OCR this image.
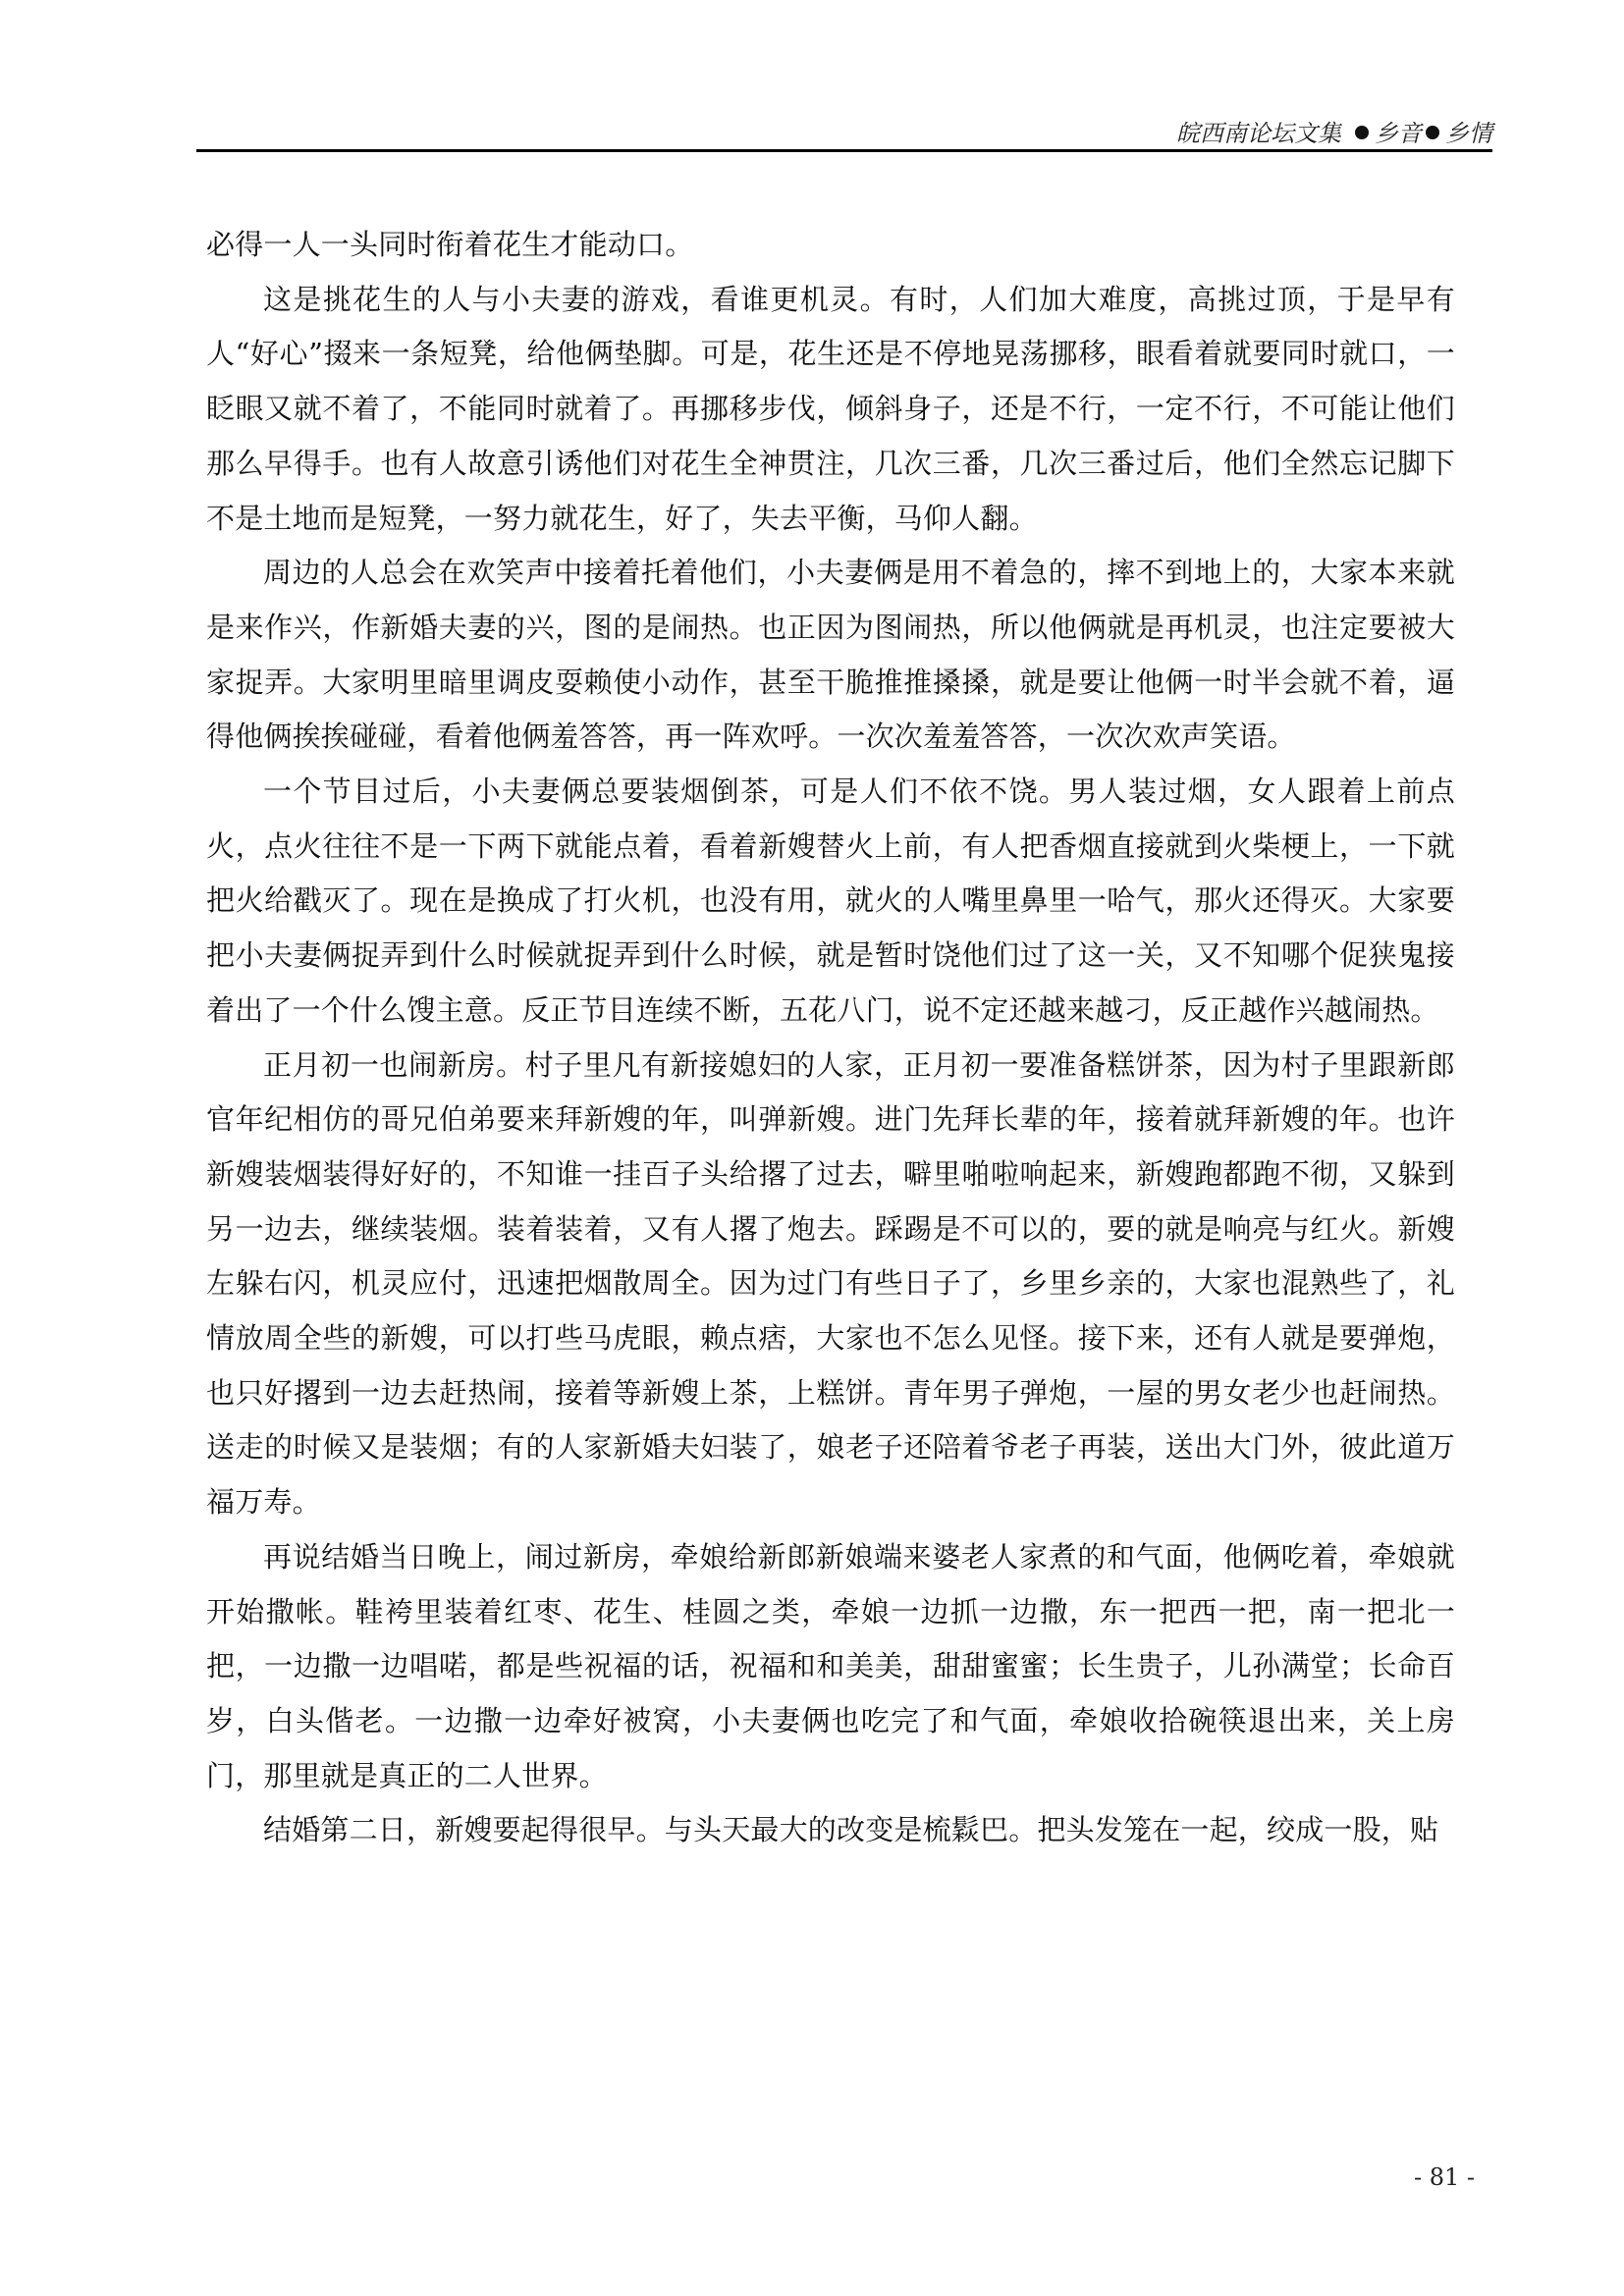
皖西南论坛文集 乡音 乡情

必得一人一头同时衔着花生才能动口。

这是挑花生的人与小夫妻的游戏，看谁更机灵。有时，人们加大难度，高挑过顶，于是早有人“好心”掇来一条短凳，给他俩垫脚。可是，花生还是不停地晃荡挪移，眼看着就要同时就口，一眨眼又就不着了，不能同时就着了。再挪移步伐，倾斜身子，还是不行，一定不行，不可能让他们那么早得手。也有人故意引诱他们对花生全神贯注，几次三番，几次三番过后，他们全然忘记脚下不是土地而是短凳，一努力就花生，好了，失去平衡，马仰人翻。

周边的人总会在欢笑声中接着托着他们，小夫妻俩是用不着急的，摔不到地上的，大家本来就是来作兴，作新婚夫妻的兴，图的是闹热。也正因为图闹热，所以他俩就是再机灵，也注定要被大家捉弄。大家明里暗里调皮耍赖使小动作，甚至干脆推推搡搡，就是要让他俩一时半会就不着，逼得他俩挨挨碰碰，看着他俩羞答答，再一阵欢呼。一次次羞羞答答，一次次欢声笑语。

一个节目过后，小夫妻俩总要装烟倒茶，可是人们不依不饶。男人装过烟，女人跟着上前点火，点火往往不是一下两下就能点着，看着新嫂替火上前，有人把香烟直接就到火柴梗上，一下就把火给戳灭了。现在是换成了打火机，也没有用，就火的人嘴里鼻里一哈气，那火还得灭。大家要把小夫妻俩捉弄到什么时候就捉弄到什么时候，就是暂时饶他们过了这一关，又不知哪个促狭鬼接着出了一个什么馊主意。反正节目连续不断，五花八门，说不定还越来越刁，反正越作兴越闹热。

正月初一也闹新房。村子里凡有新接媳妇的人家，正月初一要准备糕饼茶，因为村子里跟新郎官年纪相仿的哥兄伯弟要来拜新嫂的年，叫弹新嫂。进门先拜长辈的年，接着就拜新嫂的年。也许新嫂装烟装得好好的，不知谁一挂百子头给撂了过去，噼里啪啦响起来，新嫂跑都跑不彻，又躲到另一边去，继续装烟。装着装着，又有人撂了炮去。踩踢是不可以的，要的就是响亮与红火。新嫂左躲右闪，机灵应付，迅速把烟散周全。因为过门有些日子了，乡里乡亲的，大家也混熟些了，礼情放周全些的新嫂，可以打些马虎眼，赖点痞，大家也不怎么见怪。接下来，还有人就是要弹炮，也只好撂到一边去赶热闹，接着等新嫂上茶，上糕饼。青年男子弹炮，一屋的男女老少也赶闹热。送走的时候又是装烟；有的人家新婚夫妇装了，娘老子还陪着爷老子再装，送出大门外，彼此道万福万寿。

再说结婚当日晚上，闹过新房，牵娘给新郎新娘端来婆老人家煮的和气面，他俩吃着，牵娘就开始撒帐。鞋袴里装着红枣、花生、桂圆之类，牵娘一边抓一边撒，东一把西一把，南一把北一把，一边撒一边唱喏，都是些祝福的话，祝福和和美美，甜甜蜜蜜；长生贵子，儿孙满堂；长命百岁，白头偕老。一边撒一边牵好被窝，小夫妻俩也吃完了和气面，牵娘收拾碗筷退出来，关上房门，那里就是真正的二人世界。

结婚第二日，新嫂要起得很早。与头天最大的改变是梳鬏巴。把头发笼在一起，绞成一股，贴

- 81 -
